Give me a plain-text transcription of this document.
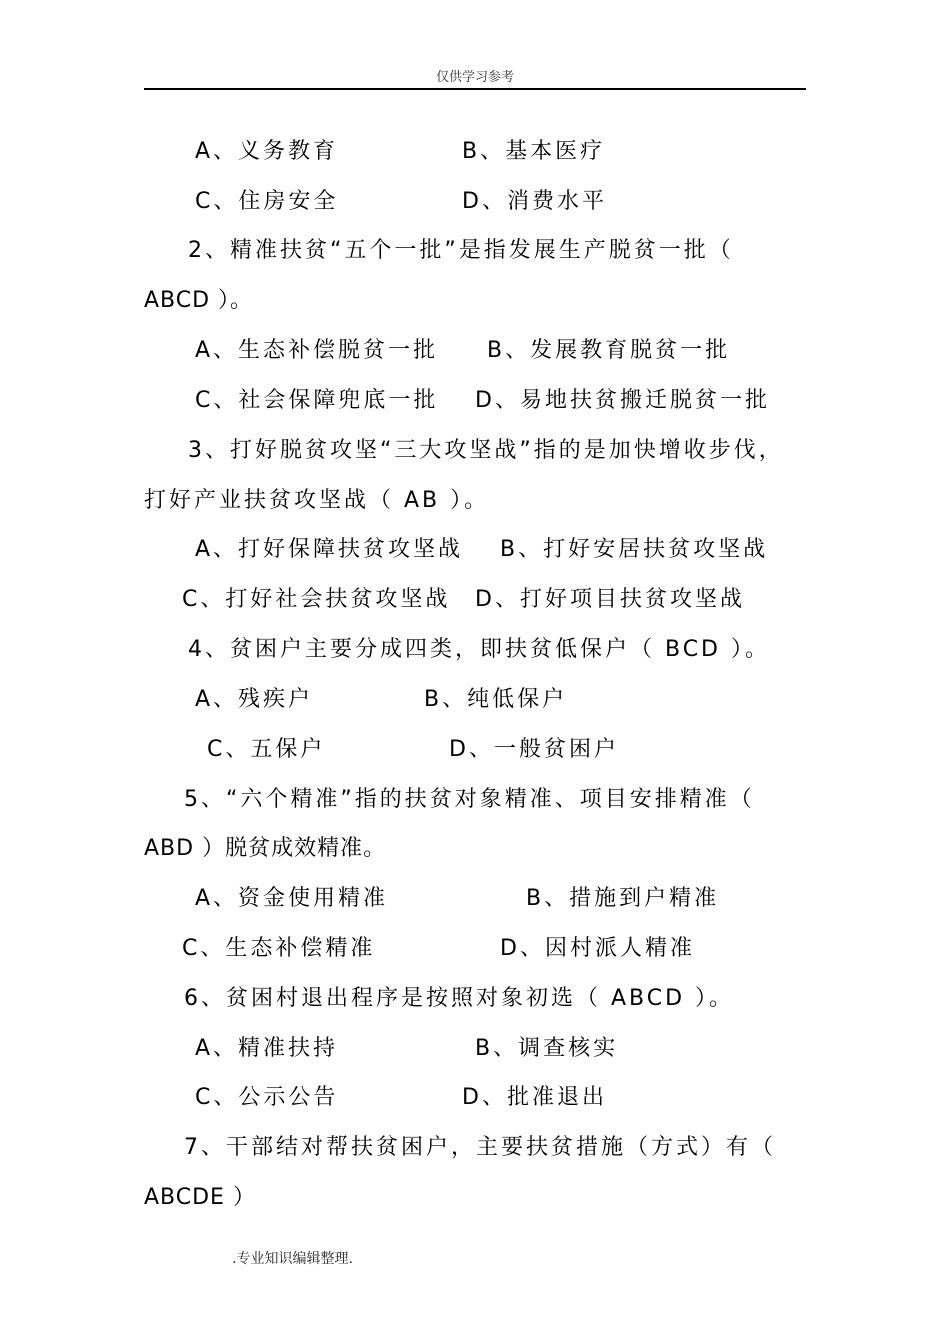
仅供学习参考
A、义务教育	B、基本医疗
C、住房安全	D、消费水平
2、精准扶贫“五个一批”是指发展生产脱贫一批（
ABCD ）。
A、生态补偿脱贫一批 B、发展教育脱贫一批
C、社会保障兜底一批 D、易地扶贫搬迁脱贫一批
3、打好脱贫攻坚“三大攻坚战”指的是加快增收步伐，
打好产业扶贫攻坚战（ AB ）。
A、打好保障扶贫攻坚战 B、打好安居扶贫攻坚战
C、打好社会扶贫攻坚战 D、打好项目扶贫攻坚战
4、贫困户主要分成四类，即扶贫低保户（ BCD ）。
A、残疾户	B、纯低保户
C、五保户	D、一般贫困户
5、“六个精准”指的扶贫对象精准、项目安排精准（
ABD ）脱贫成效精准。
A、资金使用精准	B、措施到户精准
C、生态补偿精准	D、因村派人精准
6、贫困村退出程序是按照对象初选（ ABCD ）。
A、精准扶持	B、调查核实
C、公示公告	D、批准退出
7、干部结对帮扶贫困户，主要扶贫措施（方式）有（
ABCDE ）
.专业知识编辑整理.
